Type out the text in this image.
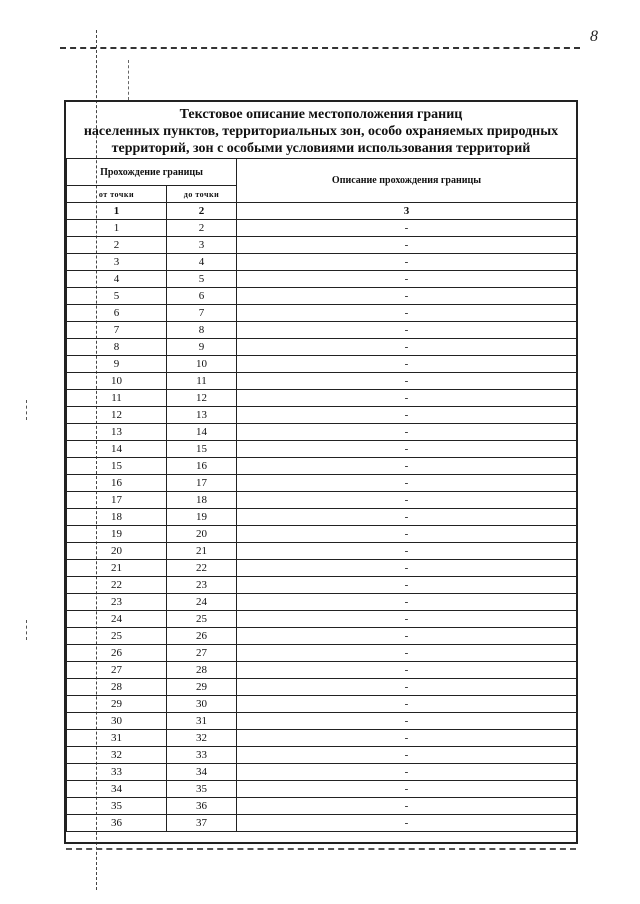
8
Текстовое описание местоположения границ
населенных пунктов, территориальных зон, особо охраняемых природных
территорий, зон с особыми условиями использования территорий
Прохождение границы		Описание прохождения границы
от точки	до точки	
1	2	3
1	2	-
2	3	-
3	4	-
4	5	-
5	6	-
6	7	-
7	8	-
8	9	-
9	10	-
10	11	-
11	12	-
12	13	-
13	14	-
14	15	-
15	16	-
16	17	-
17	18	-
18	19	-
19	20	-
20	21	-
21	22	-
22	23	-
23	24	-
24	25	-
25	26	-
26	27	-
27	28	-
28	29	-
29	30	-
30	31	-
31	32	-
32	33	-
33	34	-
34	35	-
35	36	-
36	37	-
